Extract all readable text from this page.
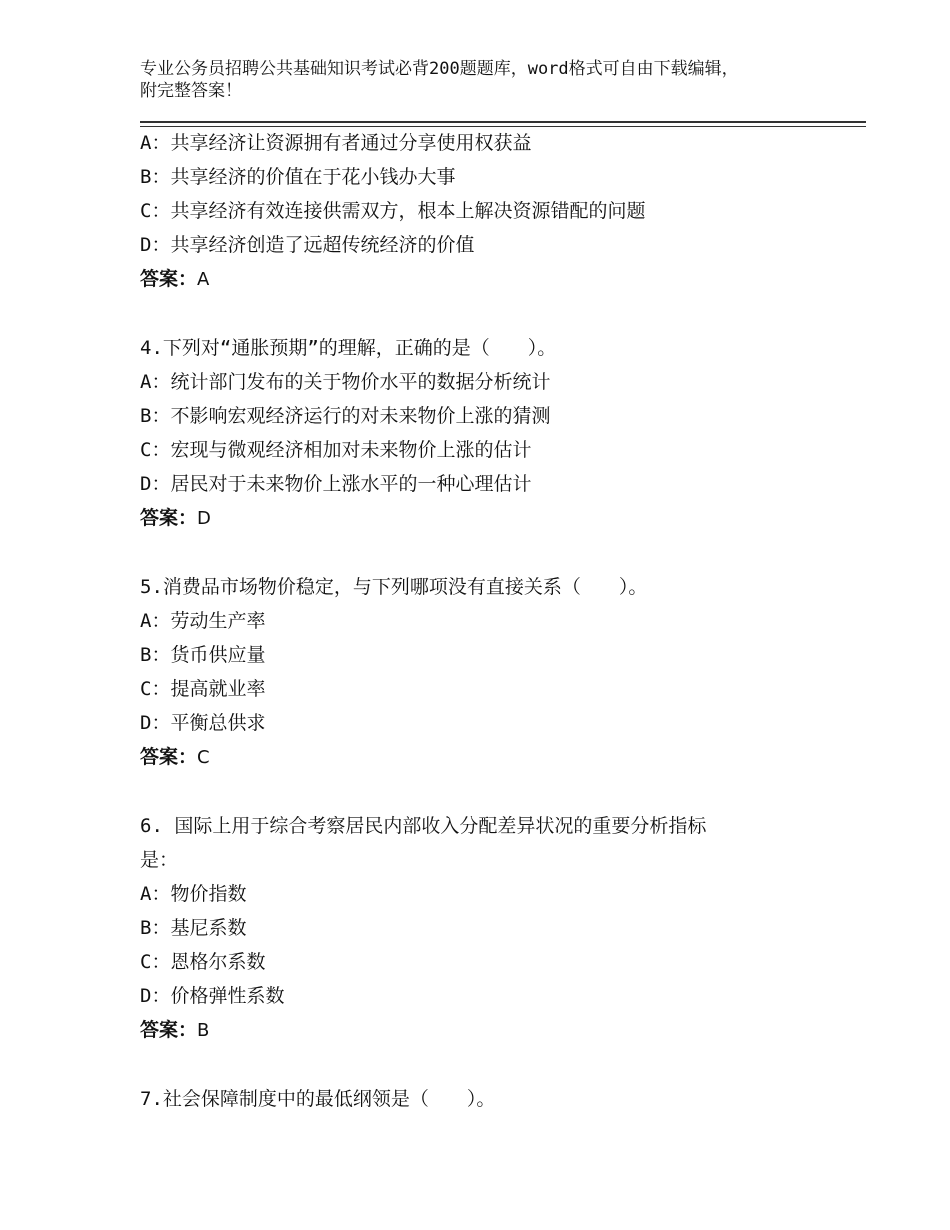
专业公务员招聘公共基础知识考试必背200题题库，word格式可自由下载编辑，
附完整答案！
A：共享经济让资源拥有者通过分享使用权获益
B：共享经济的价值在于花小钱办大事
C：共享经济有效连接供需双方，根本上解决资源错配的问题
D：共享经济创造了远超传统经济的价值
答案：A
4.下列对“通胀预期”的理解，正确的是（　　）。
A：统计部门发布的关于物价水平的数据分析统计
B：不影响宏观经济运行的对未来物价上涨的猜测
C：宏现与微观经济相加对未来物价上涨的估计
D：居民对于未来物价上涨水平的一种心理估计
答案：D
5.消费品市场物价稳定，与下列哪项没有直接关系（　　）。
A：劳动生产率
B：货币供应量
C：提高就业率
D：平衡总供求
答案：C
6. 国际上用于综合考察居民内部收入分配差异状况的重要分析指标
是：
A：物价指数
B：基尼系数
C：恩格尔系数
D：价格弹性系数
答案：B
7.社会保障制度中的最低纲领是（　　）。
